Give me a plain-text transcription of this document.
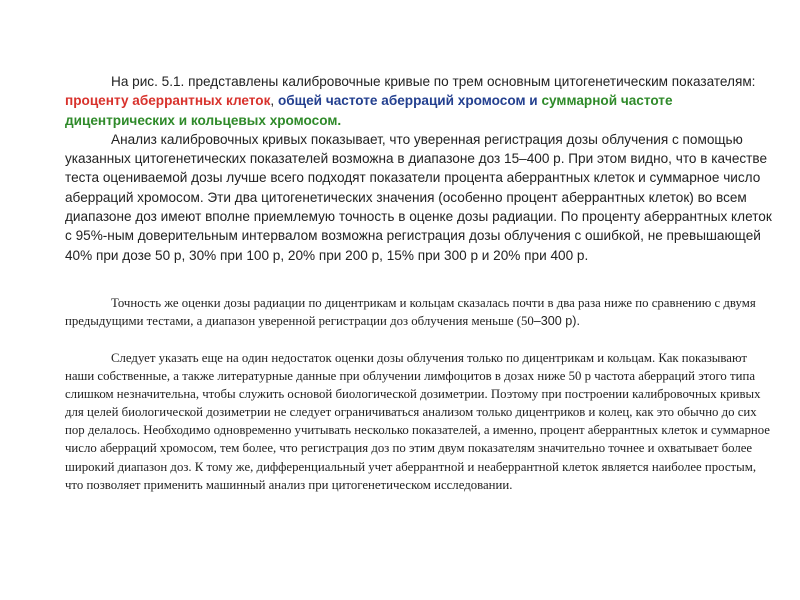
На рис. 5.1. представлены калибровочные кривые по трем основным цитогенетическим показателям: проценту аберрантных клеток, общей частоте аберраций хромосом и суммарной частоте дицентрических и кольцевых хромосом.
Анализ калибровочных кривых показывает, что уверенная регистрация дозы облучения с помощью указанных цитогенетических показателей возможна в диапазоне доз 15–400 р. При этом видно, что в качестве теста оцениваемой дозы лучше всего подходят показатели процента аберрантных клеток и суммарное число аберраций хромосом. Эти два цитогенетических значения (особенно процент аберрантных клеток) во всем диапазоне доз имеют вполне приемлемую точность в оценке дозы радиации. По проценту аберрантных клеток с 95%-ным доверительным интервалом возможна регистрация дозы облучения с ошибкой, не превышающей 40% при дозе 50 р, 30% при 100 р, 20% при 200 р, 15% при 300 р и 20% при 400 р.
Точность же оценки дозы радиации по дицентрикам и кольцам сказалась почти в два раза ниже по сравнению с двумя предыдущими тестами, а диапазон уверенной регистрации доз облучения меньше (50–300 р).
Следует указать еще на один недостаток оценки дозы облучения только по дицентрикам и кольцам. Как показывают наши собственные, а также литературные данные при облучении лимфоцитов в дозах ниже 50 р частота аберраций этого типа слишком незначительна, чтобы служить основой биологической дозиметрии. Поэтому при построении калибровочных кривых для целей биологической дозиметрии не следует ограничиваться анализом только дицентриков и колец, как это обычно до сих пор делалось. Необходимо одновременно учитывать несколько показателей, а именно, процент аберрантных клеток и суммарное число аберраций хромосом, тем более, что регистрация доз по этим двум показателям значительно точнее и охватывает более широкий диапазон доз. К тому же, дифференциальный учет аберрантной и неаберрантной клеток является наиболее простым, что позволяет применить машинный анализ при цитогенетическом исследовании.
